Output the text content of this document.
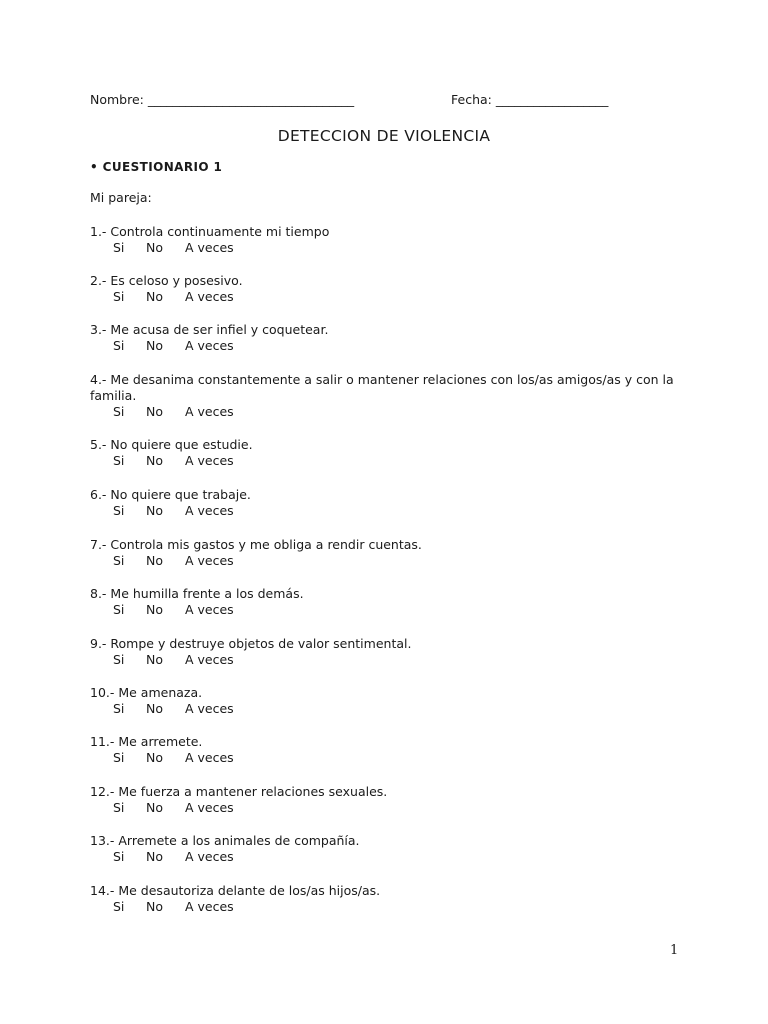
Nombre: _________________________________	Fecha: __________________
DETECCION DE VIOLENCIA
• CUESTIONARIO 1
Mi pareja:
1.- Controla continuamente mi tiempo
Si No A veces
2.- Es celoso y posesivo.
Si No A veces
3.- Me acusa de ser infiel y coquetear.
Si No A veces
4.- Me desanima constantemente a salir o mantener relaciones con los/as amigos/as y con la familia.
Si No A veces
5.- No quiere que estudie.
Si No A veces
6.- No quiere que trabaje.
Si No A veces
7.- Controla mis gastos y me obliga a rendir cuentas.
Si No A veces
8.- Me humilla frente a los demás.
Si No A veces
9.- Rompe y destruye objetos de valor sentimental.
Si No A veces
10.- Me amenaza.
Si No A veces
11.- Me arremete.
Si No A veces
12.- Me fuerza a mantener relaciones sexuales.
Si No A veces
13.- Arremete a los animales de compañía.
Si No A veces
14.- Me desautoriza delante de los/as hijos/as.
Si No A veces
1
